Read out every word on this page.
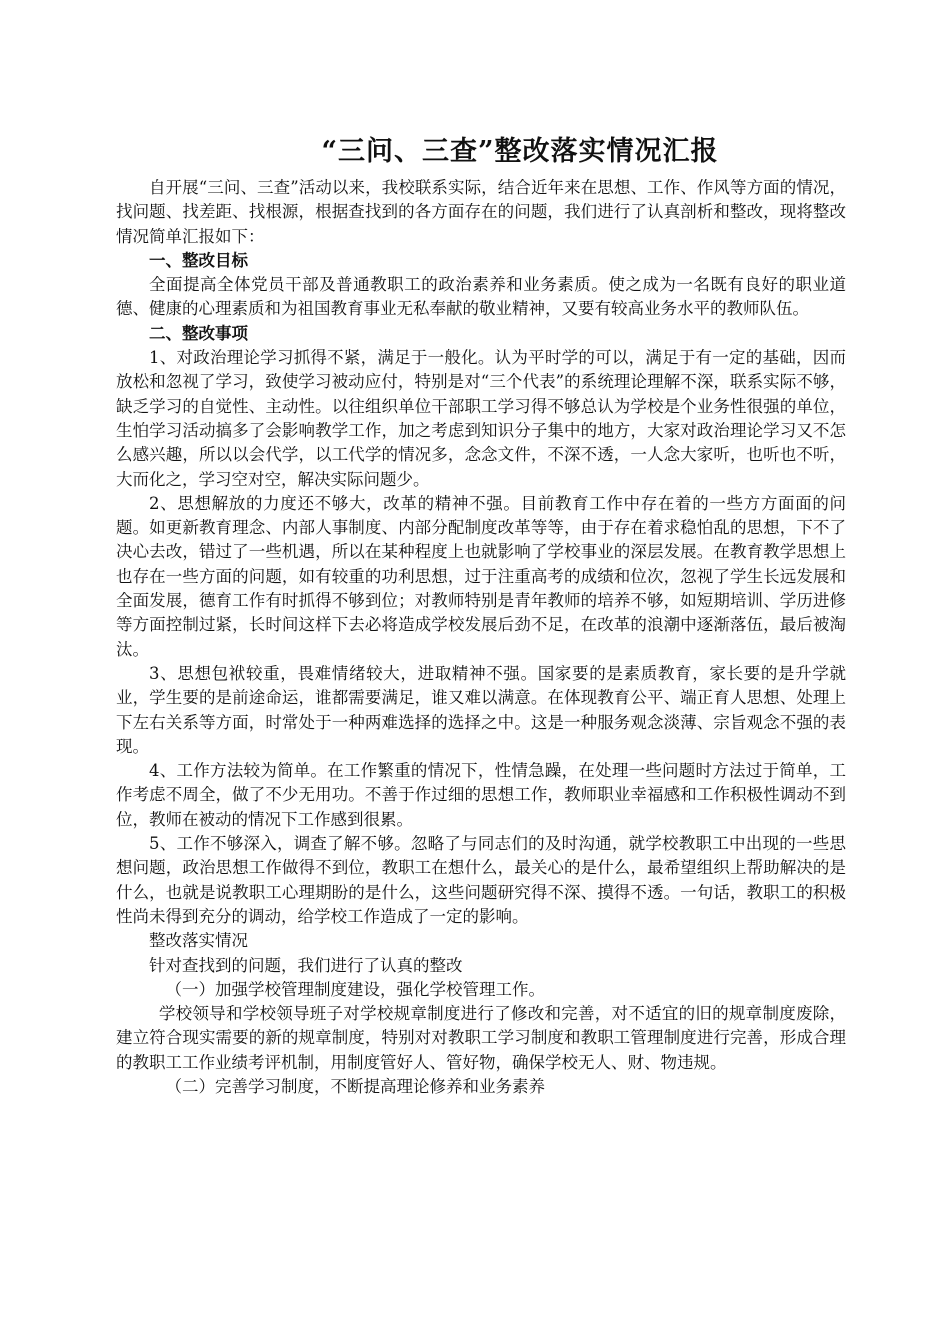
“三问、三查”整改落实情况汇报

自开展“三问、三查”活动以来，我校联系实际，结合近年来在思想、工作、作风等方面的情况，找问题、找差距、找根源，根据查找到的各方面存在的问题，我们进行了认真剖析和整改，现将整改情况简单汇报如下：

一、整改目标

全面提高全体党员干部及普通教职工的政治素养和业务素质。使之成为一名既有良好的职业道德、健康的心理素质和为祖国教育事业无私奉献的敬业精神，又要有较高业务水平的教师队伍。

二、整改事项

1、对政治理论学习抓得不紧，满足于一般化。认为平时学的可以，满足于有一定的基础，因而放松和忽视了学习，致使学习被动应付，特别是对“三个代表”的系统理论理解不深，联系实际不够，缺乏学习的自觉性、主动性。以往组织单位干部职工学习得不够总认为学校是个业务性很强的单位，生怕学习活动搞多了会影响教学工作，加之考虑到知识分子集中的地方，大家对政治理论学习又不怎么感兴趣，所以以会代学，以工代学的情况多，念念文件，不深不透，一人念大家听，也听也不听，大而化之，学习空对空，解决实际问题少。

2、思想解放的力度还不够大，改革的精神不强。目前教育工作中存在着的一些方方面面的问题。如更新教育理念、内部人事制度、内部分配制度改革等等，由于存在着求稳怕乱的思想，下不了决心去改，错过了一些机遇，所以在某种程度上也就影响了学校事业的深层发展。在教育教学思想上也存在一些方面的问题，如有较重的功利思想，过于注重高考的成绩和位次，忽视了学生长远发展和全面发展，德育工作有时抓得不够到位；对教师特别是青年教师的培养不够，如短期培训、学历进修等方面控制过紧，长时间这样下去必将造成学校发展后劲不足，在改革的浪潮中逐渐落伍，最后被淘汰。

3、思想包袱较重，畏难情绪较大，进取精神不强。国家要的是素质教育，家长要的是升学就业，学生要的是前途命运，谁都需要满足，谁又难以满意。在体现教育公平、端正育人思想、处理上下左右关系等方面，时常处于一种两难选择的选择之中。这是一种服务观念淡薄、宗旨观念不强的表现。

4、工作方法较为简单。在工作繁重的情况下，性情急躁，在处理一些问题时方法过于简单，工作考虑不周全，做了不少无用功。不善于作过细的思想工作，教师职业幸福感和工作积极性调动不到位，教师在被动的情况下工作感到很累。

5、工作不够深入，调查了解不够。忽略了与同志们的及时沟通，就学校教职工中出现的一些思想问题，政治思想工作做得不到位，教职工在想什么，最关心的是什么，最希望组织上帮助解决的是什么，也就是说教职工心理期盼的是什么，这些问题研究得不深、摸得不透。一句话，教职工的积极性尚未得到充分的调动，给学校工作造成了一定的影响。

整改落实情况

针对查找到的问题，我们进行了认真的整改

（一）加强学校管理制度建设，强化学校管理工作。

学校领导和学校领导班子对学校规章制度进行了修改和完善，对不适宜的旧的规章制度废除，建立符合现实需要的新的规章制度，特别对对教职工学习制度和教职工管理制度进行完善，形成合理的教职工工作业绩考评机制，用制度管好人、管好物，确保学校无人、财、物违规。

（二）完善学习制度，不断提高理论修养和业务素养
